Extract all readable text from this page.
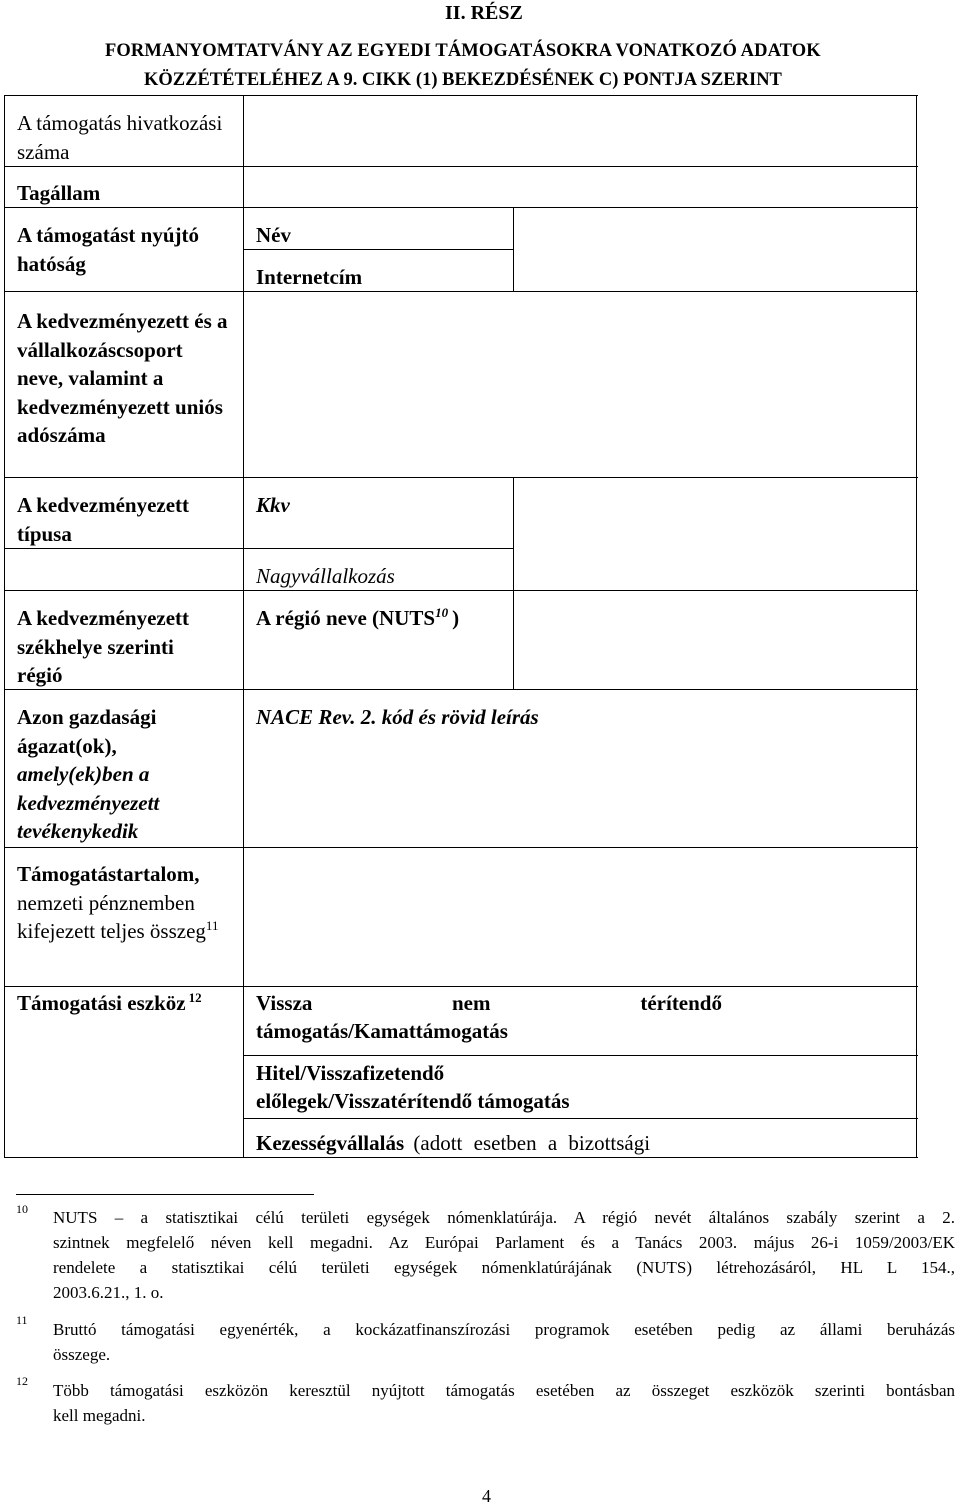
II. RÉSZ
FORMANYOMTATVÁNY AZ EGYEDI TÁMOGATÁSOKRA VONATKOZÓ ADATOK
KÖZZÉTÉTELÉHEZ A 9. CIKK (1) BEKEZDÉSÉNEK C) PONTJA SZERINT
A támogatás hivatkozási száma
Tagállam
A támogatást nyújtó hatóság
A kedvezményezett és a vállalkozáscsoport neve, valamint a kedvezményezett uniós adószáma
A kedvezményezett típusa
A kedvezményezett székhelye szerinti régió
Azon gazdasági ágazat(ok), amely(ek)ben a kedvezményezett tevékenykedik
Támogatástartalom, nemzeti pénznemben kifejezett teljes összeg$^{11}$
Támogatási eszköz $^{12}$
Név
Internetcím
Kkv
Nagyvállalkozás
A régió neve (NUTS$^{10}$ )
NACE Rev. 2. kód és rövid leírás
Vissza	nem	térítendő
támogatás/Kamattámogatás
Hitel/Visszafizetendő
előlegek/Visszatérítendő támogatás
Kezességvállalás (adott esetben a bizottsági
10 NUTS – a statisztikai célú területi egységek nómenklatúrája. A régió nevét általános szabály szerint a 2.
szintnek megfelelő néven kell megadni. Az Európai Parlament és a Tanács 2003. május 26-i 1059/2003/EK
rendelete a statisztikai célú területi egységek nómenklatúrájának (NUTS) létrehozásáról, HL L 154.,
2003.6.21., 1. o.
11 Bruttó támogatási egyenérték, a kockázatfinanszírozási programok esetében pedig az állami beruházás
összege.
12 Több támogatási eszközön keresztül nyújtott támogatás esetében az összeget eszközök szerinti bontásban
kell megadni.
4
